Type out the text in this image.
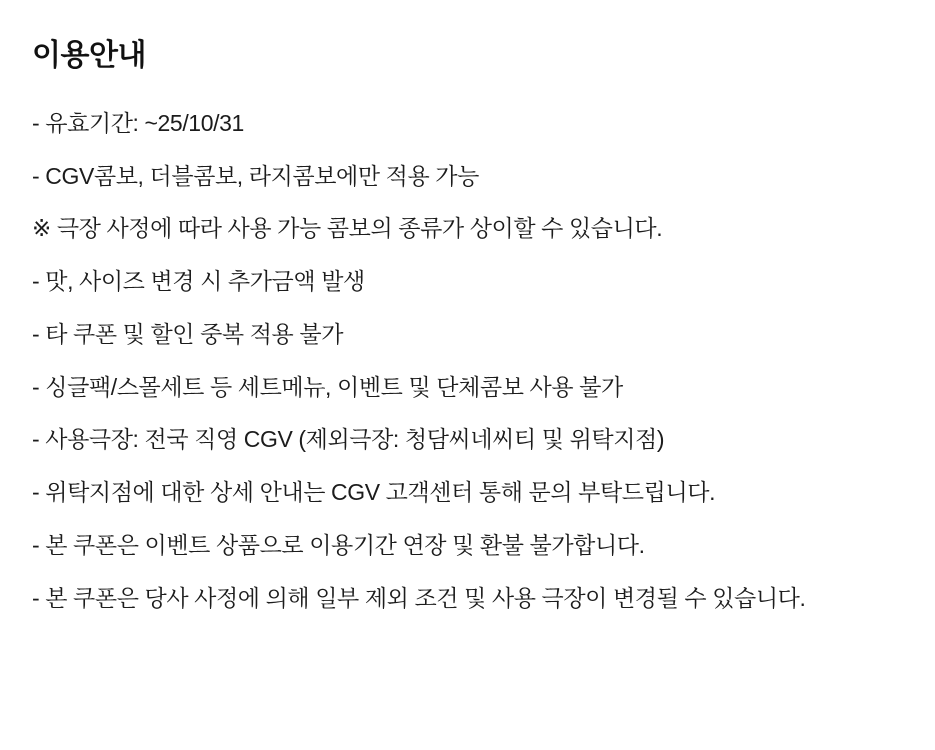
이용안내
- 유효기간: ~25/10/31
- CGV콤보, 더블콤보, 라지콤보에만 적용 가능
※ 극장 사정에 따라 사용 가능 콤보의 종류가 상이할 수 있습니다.
- 맛, 사이즈 변경 시 추가금액 발생
- 타 쿠폰 및 할인 중복 적용 불가
- 싱글팩/스몰세트 등 세트메뉴, 이벤트 및 단체콤보 사용 불가
- 사용극장: 전국 직영 CGV (제외극장: 청담씨네씨티 및 위탁지점)
- 위탁지점에 대한 상세 안내는 CGV 고객센터 통해 문의 부탁드립니다.
- 본 쿠폰은 이벤트 상품으로 이용기간 연장 및 환불 불가합니다.
- 본 쿠폰은 당사 사정에 의해 일부 제외 조건 및 사용 극장이 변경될 수 있습니다.
